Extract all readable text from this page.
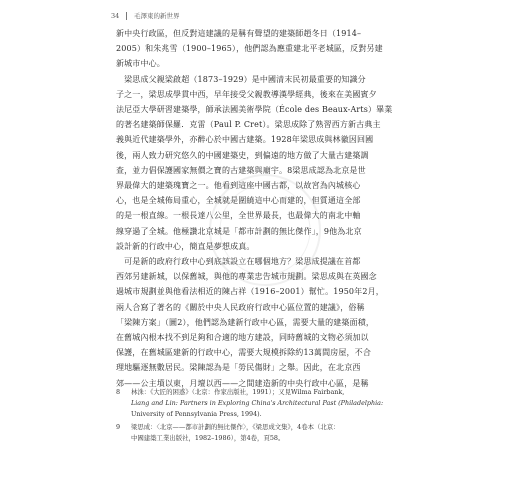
34 毛澤東的新世界
新中央行政區，但反對這建議的是稱有聲望的建築師趙冬日（1914–
2005）和朱兆雪（1900–1965），他們認為應重建北平老城區，反對另建
新城市中心。
　梁思成父親梁啟超（1873–1929）是中國清末民初最重要的知識分
子之一，梁思成學貫中西，早年接受父親教導漢學經典，後來在美國賓夕
法尼亞大學研習建築學，師承法國美術學院（École des Beaux-Arts）畢業
的著名建築師保羅．克雷（Paul P. Cret）。梁思成除了熟習西方新古典主
義與近代建築學外，亦醉心於中國古建築。1928年梁思成與林徽因回國
後，兩人致力研究悠久的中國建築史，到偏遠的地方做了大量古建築調
查，並力倡保護國家無價之寶的古建築與廟宇。8梁思成認為北京是世
界最偉大的建築瑰寶之一。他看到這座中國古都，以故宮為內城核心
心，也是全城佈局重心，全城就是圍繞這中心而建的，但質通這全部
的是一根直線。一根長達八公里，全世界最長，也最偉大的南北中軸
線穿過了全城。他極讚北京城是「都市計劃的無比傑作」，9他為北京
設計新的行政中心，簡直是夢想成真。
　可是新的政府行政中心到底該設立在哪個地方？梁思成提議在首都
西郊另建新城，以保舊城，與他的專業忠告城市規劃。梁思成與在英國念
過城市規劃並與他看法相近的陳占祥（1916–2001）幫忙。1950年2月，
兩人合寫了著名的《關於中央人民政府行政中心區位置的建議》，俗稱
「梁陳方案」（圖2），他們認為建新行政中心區，需要大量的建築面積，
在舊城內根本找不到足夠和合適的地方建設，同時舊城的文物必須加以
保護，在舊城區建新的行政中心，需要大規模拆除約13萬間房屋，不合
理地驅逐無數居民。梁陳認為是「勞民傷財」之舉。因此，在北京西
郊——公主墳以東，月壇以西——之間建造新的中央行政中心區，是稱
8 林洙：《大匠的困惑》（北京：作家出版社，1991）；又見Wilma Fairbank,
Liang and Lin: Partners in Exploring China's Architectural Past (Philadelphia:
University of Pennsylvania Press, 1994).
9 梁思成：〈北京——都市計劃的無比傑作〉，《梁思成文集》，4卷本（北京：
中國建築工業出版社，1982–1986），第4卷，頁58。
